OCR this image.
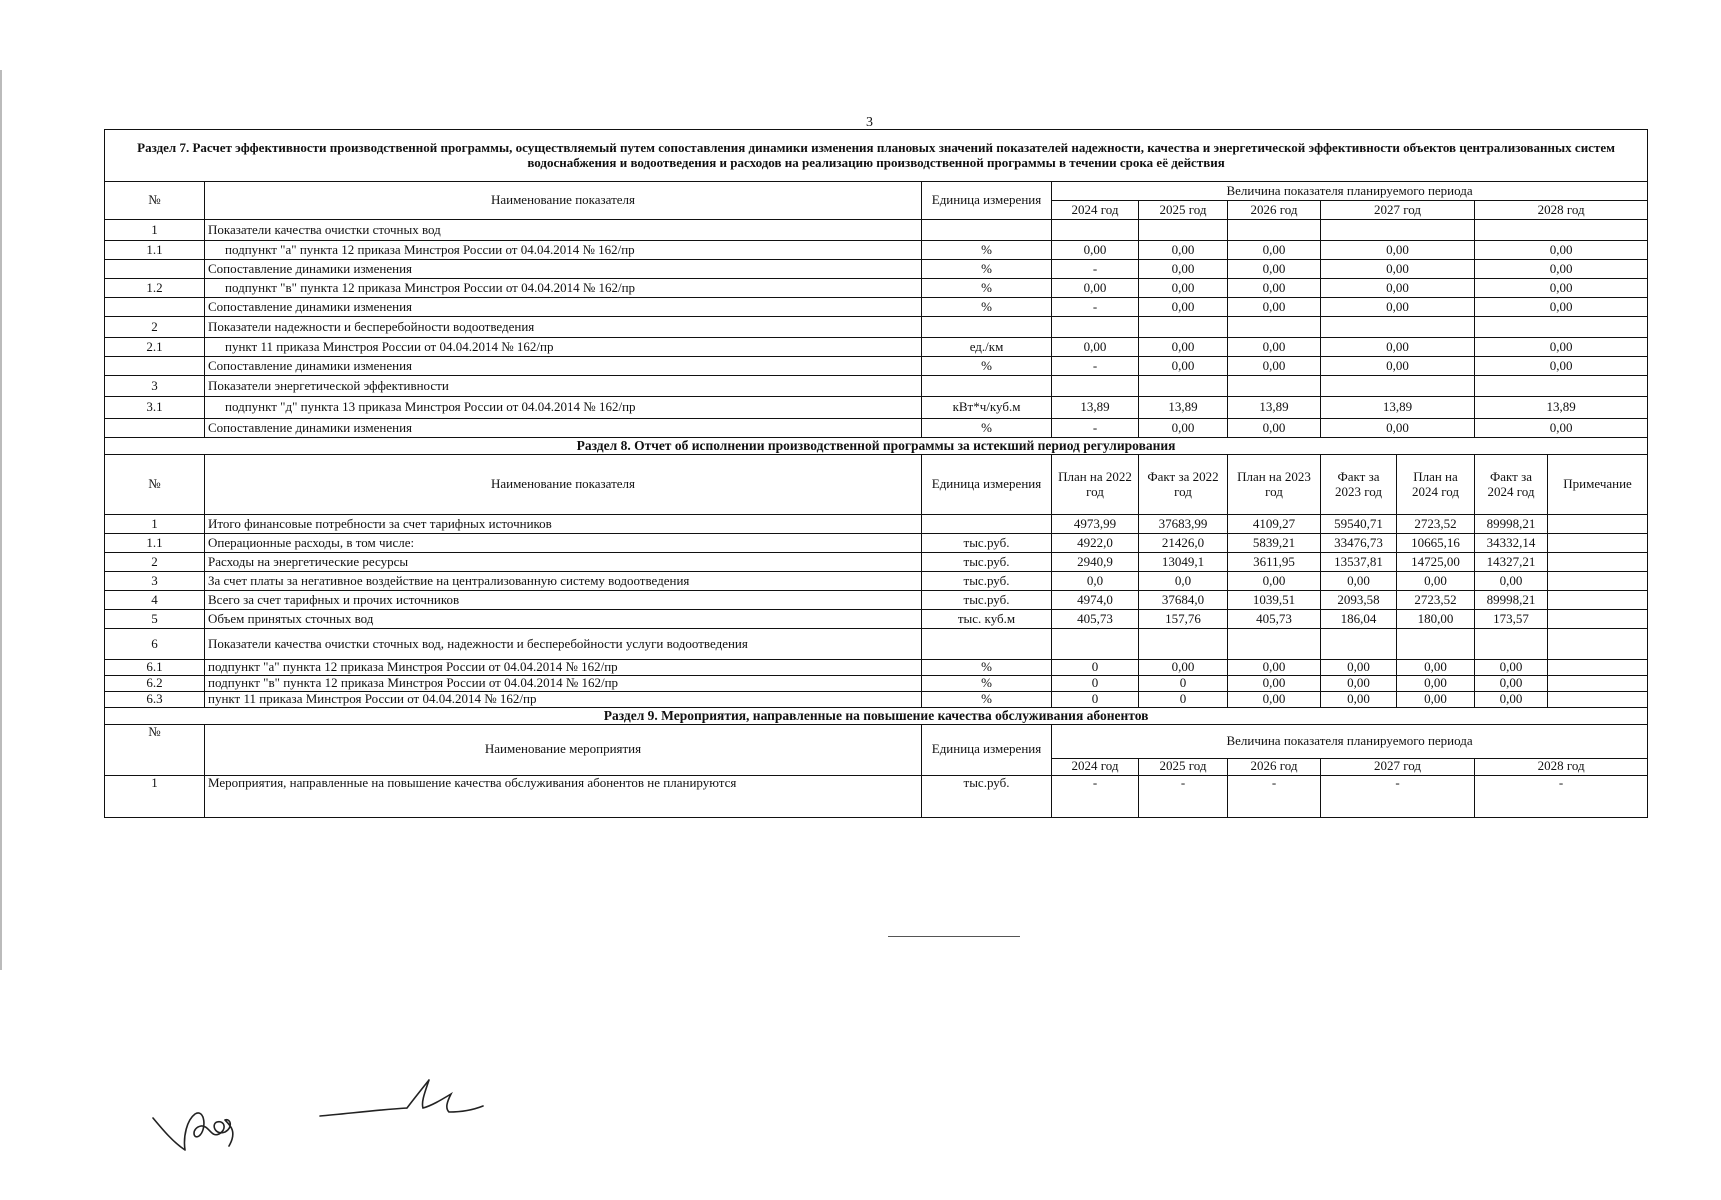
3
Раздел 7. Расчет эффективности производственной программы, осуществляемый путем сопоставления динамики изменения плановых значений показателей надежности, качества и энергетической эффективности объектов централизованных систем водоснабжения и водоотведения и расходов на реализацию производственной программы в течении срока её действия									
№	Наименование показателя	Единица измерения	Величина показателя планируемого периода						
			2024 год	2025 год	2026 год	2027 год		2028 год	
1	Показатели качества очистки сточных вод								
1.1	подпункт "а" пункта 12 приказа Минстроя России от 04.04.2014 № 162/пр	%	0,00	0,00	0,00	0,00		0,00	
	Сопоставление динамики изменения	%	-	0,00	0,00	0,00		0,00	
1.2	подпункт "в" пункта 12 приказа Минстроя России от 04.04.2014 № 162/пр	%	0,00	0,00	0,00	0,00		0,00	
	Сопоставление динамики изменения	%	-	0,00	0,00	0,00		0,00	
2	Показатели надежности и бесперебойности водоотведения								
2.1	пункт 11 приказа Минстроя России от 04.04.2014 № 162/пр	ед./км	0,00	0,00	0,00	0,00		0,00	
	Сопоставление динамики изменения	%	-	0,00	0,00	0,00		0,00	
3	Показатели энергетической эффективности								
3.1	подпункт "д" пункта 13 приказа Минстроя России от 04.04.2014 № 162/пр	кВт*ч/куб.м	13,89	13,89	13,89	13,89		13,89	
	Сопоставление динамики изменения	%	-	0,00	0,00	0,00		0,00	
Раздел 8. Отчет об исполнении производственной программы за истекший период регулирования									
№	Наименование показателя	Единица измерения	План на 2022 год	Факт за 2022 год	План на 2023 год	Факт за 2023 год	План на 2024 год	Факт за 2024 год	Примечание
1	Итого финансовые потребности за счет тарифных источников		4973,99	37683,99	4109,27	59540,71	2723,52	89998,21	
1.1	Операционные расходы, в том числе:	тыс.руб.	4922,0	21426,0	5839,21	33476,73	10665,16	34332,14	
2	Расходы на энергетические ресурсы	тыс.руб.	2940,9	13049,1	3611,95	13537,81	14725,00	14327,21	
3	За счет платы за негативное воздействие на централизованную систему водоотведения	тыс.руб.	0,0	0,0	0,00	0,00	0,00	0,00	
4	Всего за счет тарифных и прочих источников	тыс.руб.	4974,0	37684,0	1039,51	2093,58	2723,52	89998,21	
5	Объем принятых сточных вод	тыс. куб.м	405,73	157,76	405,73	186,04	180,00	173,57	
6	Показатели качества очистки сточных вод, надежности и бесперебойности услуги водоотведения								
6.1	подпункт "а" пункта 12 приказа Минстроя России от 04.04.2014 № 162/пр	%	0	0,00	0,00	0,00	0,00	0,00	
6.2	подпункт "в" пункта 12 приказа Минстроя России от 04.04.2014 № 162/пр	%	0	0	0,00	0,00	0,00	0,00	
6.3	пункт 11 приказа Минстроя России от 04.04.2014 № 162/пр	%	0	0	0,00	0,00	0,00	0,00	
Раздел 9. Мероприятия, направленные на повышение качества обслуживания абонентов									
№	Наименование мероприятия	Единица измерения	Величина показателя планируемого периода						
			2024 год	2025 год	2026 год	2027 год		2028 год	
1	Мероприятия, направленные на повышение качества обслуживания абонентов не планируются	тыс.руб.	-	-	-	-		-	
